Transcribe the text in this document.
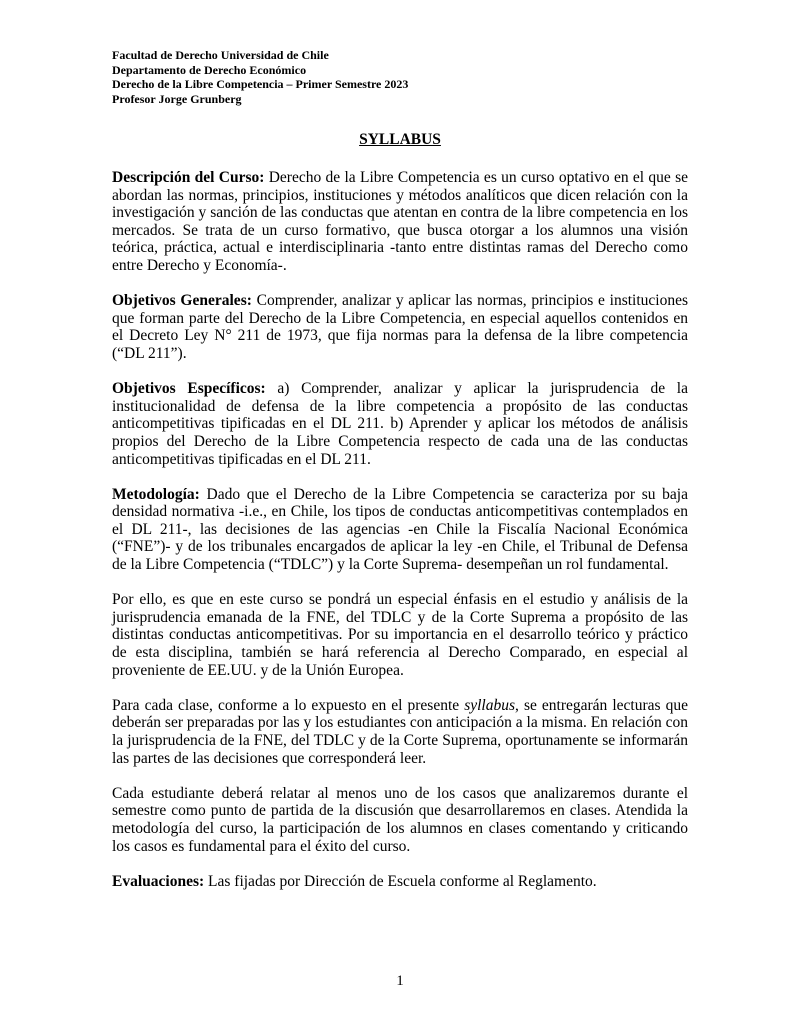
Facultad de Derecho Universidad de Chile
Departamento de Derecho Económico
Derecho de la Libre Competencia – Primer Semestre 2023
Profesor Jorge Grunberg
SYLLABUS

Descripción del Curso: Derecho de la Libre Competencia es un curso optativo en el que se abordan las normas, principios, instituciones y métodos analíticos que dicen relación con la investigación y sanción de las conductas que atentan en contra de la libre competencia en los mercados. Se trata de un curso formativo, que busca otorgar a los alumnos una visión teórica, práctica, actual e interdisciplinaria -tanto entre distintas ramas del Derecho como entre Derecho y Economía-.

Objetivos Generales: Comprender, analizar y aplicar las normas, principios e instituciones que forman parte del Derecho de la Libre Competencia, en especial aquellos contenidos en el Decreto Ley N° 211 de 1973, que fija normas para la defensa de la libre competencia (“DL 211”).

Objetivos Específicos: a) Comprender, analizar y aplicar la jurisprudencia de la institucionalidad de defensa de la libre competencia a propósito de las conductas anticompetitivas tipificadas en el DL 211. b) Aprender y aplicar los métodos de análisis propios del Derecho de la Libre Competencia respecto de cada una de las conductas anticompetitivas tipificadas en el DL 211.

Metodología: Dado que el Derecho de la Libre Competencia se caracteriza por su baja densidad normativa -i.e., en Chile, los tipos de conductas anticompetitivas contemplados en el DL 211-, las decisiones de las agencias -en Chile la Fiscalía Nacional Económica (“FNE”)- y de los tribunales encargados de aplicar la ley -en Chile, el Tribunal de Defensa de la Libre Competencia (“TDLC”) y la Corte Suprema- desempeñan un rol fundamental.

Por ello, es que en este curso se pondrá un especial énfasis en el estudio y análisis de la jurisprudencia emanada de la FNE, del TDLC y de la Corte Suprema a propósito de las distintas conductas anticompetitivas. Por su importancia en el desarrollo teórico y práctico de esta disciplina, también se hará referencia al Derecho Comparado, en especial al proveniente de EE.UU. y de la Unión Europea.

Para cada clase, conforme a lo expuesto en el presente syllabus, se entregarán lecturas que deberán ser preparadas por las y los estudiantes con anticipación a la misma. En relación con la jurisprudencia de la FNE, del TDLC y de la Corte Suprema, oportunamente se informarán las partes de las decisiones que corresponderá leer.

Cada estudiante deberá relatar al menos uno de los casos que analizaremos durante el semestre como punto de partida de la discusión que desarrollaremos en clases. Atendida la metodología del curso, la participación de los alumnos en clases comentando y criticando los casos es fundamental para el éxito del curso.

Evaluaciones: Las fijadas por Dirección de Escuela conforme al Reglamento.

1
